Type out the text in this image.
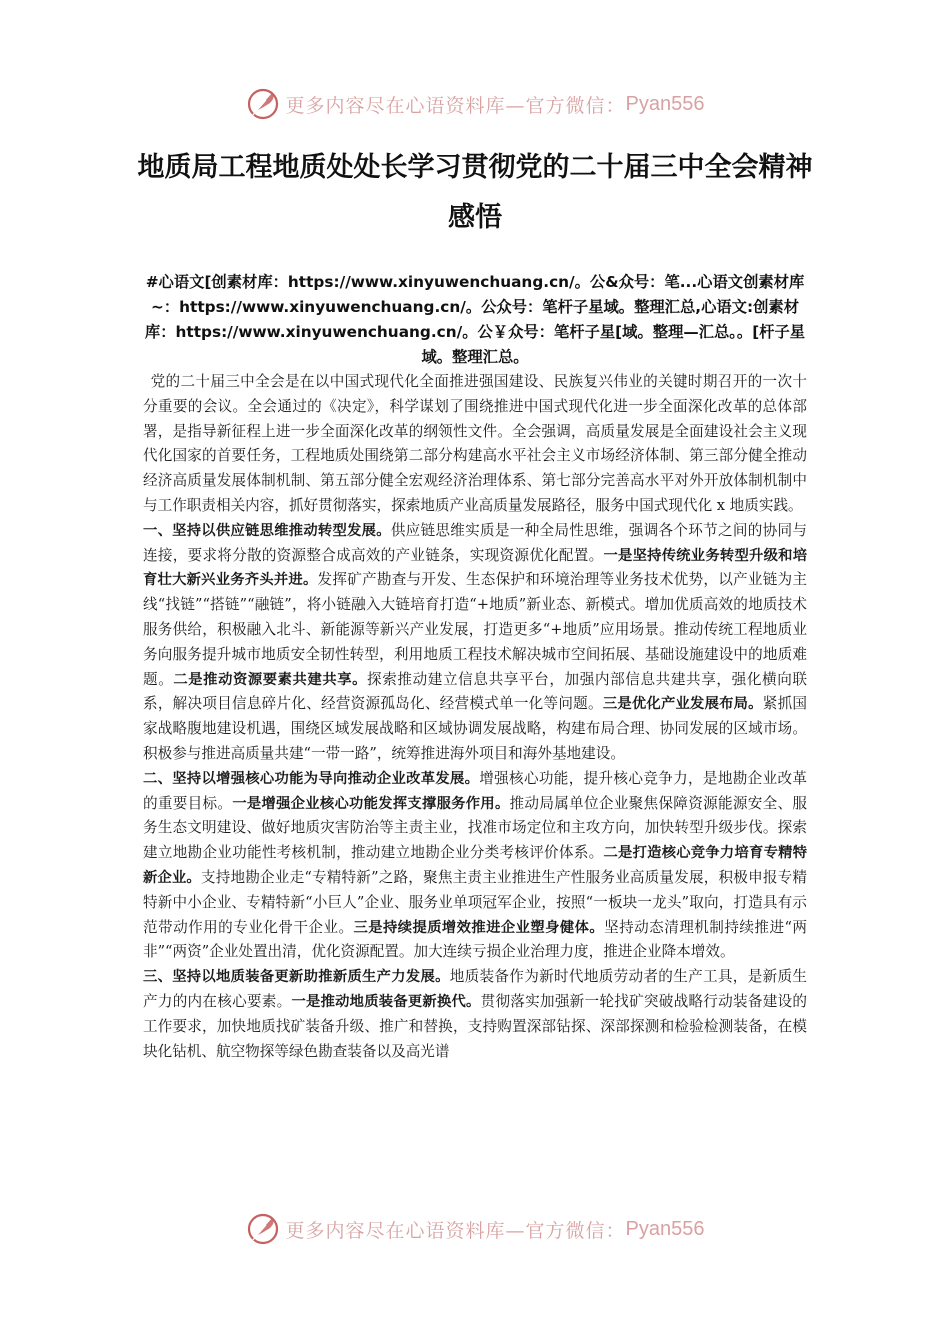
更多内容尽在心语资料库—官方微信： Pyan556
地质局工程地质处处长学习贯彻党的二十届三中全会精神感悟
#心语文[创素材库：https://www.xinyuwenchuang.cn/。公&众号：笔...心语文创素材库~：https://www.xinyuwenchuang.cn/。公众号：笔杆子星域。整理汇总,心语文:创素材库：https://www.xinyuwenchuang.cn/。公￥众号：笔杆子星[域。整理—汇总。。[杆子星域。整理汇总。

 党的二十届三中全会是在以中国式现代化全面推进强国建设、民族复兴伟业的关键时期召开的一次十分重要的会议。全会通过的《决定》，科学谋划了围绕推进中国式现代化进一步全面深化改革的总体部署，是指导新征程上进一步全面深化改革的纲领性文件。全会强调，高质量发展是全面建设社会主义现代化国家的首要任务，工程地质处围绕第二部分构建高水平社会主义市场经济体制、第三部分健全推动经济高质量发展体制机制、第五部分健全宏观经济治理体系、第七部分完善高水平对外开放体制机制中与工作职责相关内容，抓好贯彻落实，探索地质产业高质量发展路径，服务中国式现代化 x 地质实践。

一、坚持以供应链思维推动转型发展。供应链思维实质是一种全局性思维，强调各个环节之间的协同与连接，要求将分散的资源整合成高效的产业链条，实现资源优化配置。一是坚持传统业务转型升级和培育壮大新兴业务齐头并进。发挥矿产勘查与开发、生态保护和环境治理等业务技术优势，以产业链为主线“找链”“搭链”“融链”，将小链融入大链培育打造“+地质”新业态、新模式。增加优质高效的地质技术服务供给，积极融入北斗、新能源等新兴产业发展，打造更多“+地质”应用场景。推动传统工程地质业务向服务提升城市地质安全韧性转型，利用地质工程技术解决城市空间拓展、基础设施建设中的地质难题。二是推动资源要素共建共享。探索推动建立信息共享平台，加强内部信息共建共享，强化横向联系，解决项目信息碎片化、经营资源孤岛化、经营模式单一化等问题。三是优化产业发展布局。紧抓国家战略腹地建设机遇，围绕区域发展战略和区域协调发展战略，构建布局合理、协同发展的区域市场。积极参与推进高质量共建“一带一路”，统筹推进海外项目和海外基地建设。

二、坚持以增强核心功能为导向推动企业改革发展。增强核心功能，提升核心竞争力，是地勘企业改革的重要目标。一是增强企业核心功能发挥支撑服务作用。推动局属单位企业聚焦保障资源能源安全、服务生态文明建设、做好地质灾害防治等主责主业，找准市场定位和主攻方向，加快转型升级步伐。探索建立地勘企业功能性考核机制，推动建立地勘企业分类考核评价体系。二是打造核心竞争力培育专精特新企业。支持地勘企业走“专精特新”之路，聚焦主责主业推进生产性服务业高质量发展，积极申报专精特新中小企业、专精特新“小巨人”企业、服务业单项冠军企业，按照“一板块一龙头”取向，打造具有示范带动作用的专业化骨干企业。三是持续提质增效推进企业塑身健体。坚持动态清理机制持续推进“两非”“两资”企业处置出清，优化资源配置。加大连续亏损企业治理力度，推进企业降本增效。

三、坚持以地质装备更新助推新质生产力发展。地质装备作为新时代地质劳动者的生产工具，是新质生产力的内在核心要素。一是推动地质装备更新换代。贯彻落实加强新一轮找矿突破战略行动装备建设的工作要求，加快地质找矿装备升级、推广和替换，支持购置深部钻探、深部探测和检验检测装备，在模块化钻机、航空物探等绿色勘查装备以及高光谱

更多内容尽在心语资料库—官方微信： Pyan556
